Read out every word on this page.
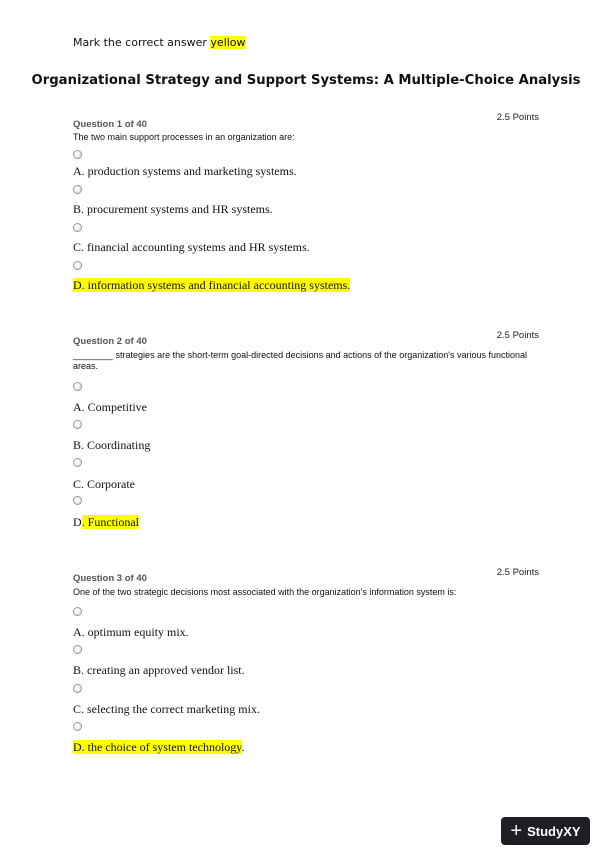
Mark the correct answer yellow
Organizational Strategy and Support Systems: A Multiple-Choice Analysis
Question 1 of 40
2.5 Points
The two main support processes in an organization are:
A. production systems and marketing systems.
B. procurement systems and HR systems.
C. financial accounting systems and HR systems.
D. information systems and financial accounting systems.
Question 2 of 40
2.5 Points
________ strategies are the short-term goal-directed decisions and actions of the organization's various functional areas.
A. Competitive
B. Coordinating
C. Corporate
D. Functional
Question 3 of 40
2.5 Points
One of the two strategic decisions most associated with the organization's information system is:
A. optimum equity mix.
B. creating an approved vendor list.
C. selecting the correct marketing mix.
D. the choice of system technology.
+ StudyXY
